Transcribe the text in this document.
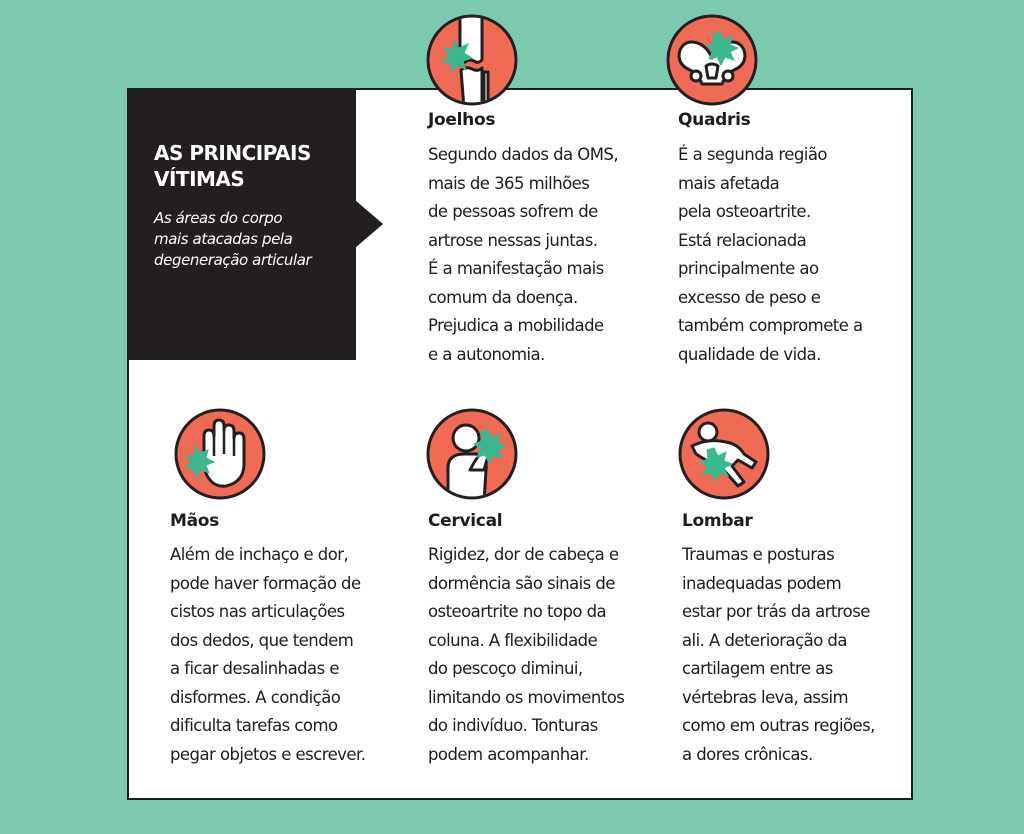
AS PRINCIPAIS
VÍTIMAS
As áreas do corpo
mais atacadas pela
degeneração articular
Joelhos

Segundo dados da OMS,
mais de 365 milhões
de pessoas sofrem de
artrose nessas juntas.
É a manifestação mais
comum da doença.
Prejudica a mobilidade
e a autonomia.

Quadris

É a segunda região
mais afetada
pela osteoartrite.
Está relacionada
principalmente ao
excesso de peso e
também compromete a
qualidade de vida.

Mãos

Além de inchaço e dor,
pode haver formação de
cistos nas articulações
dos dedos, que tendem
a ficar desalinhadas e
disformes. A condição
dificulta tarefas como
pegar objetos e escrever.

Cervical

Rigidez, dor de cabeça e
dormência são sinais de
osteoartrite no topo da
coluna. A flexibilidade
do pescoço diminui,
limitando os movimentos
do indivíduo. Tonturas
podem acompanhar.

Lombar

Traumas e posturas
inadequadas podem
estar por trás da artrose
ali. A deterioração da
cartilagem entre as
vértebras leva, assim
como em outras regiões,
a dores crônicas.
